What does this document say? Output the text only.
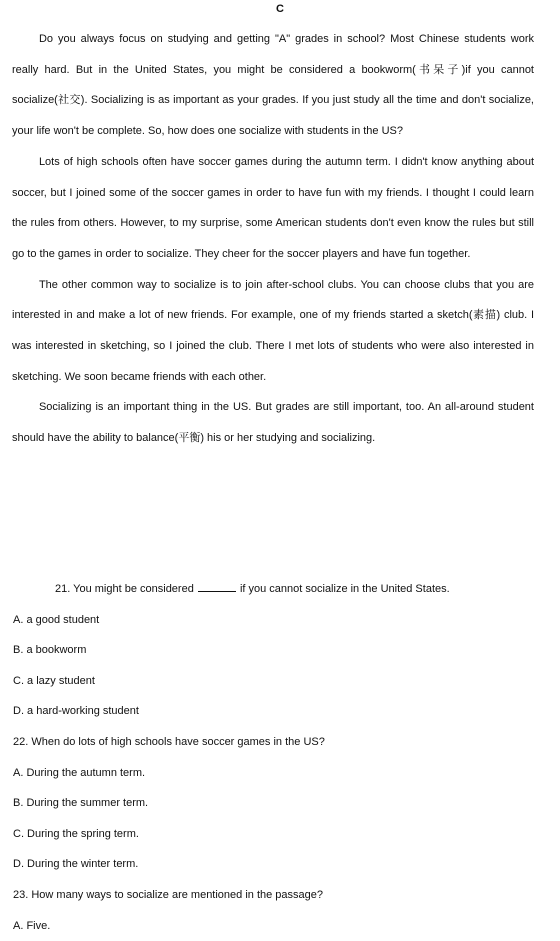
C

Do you always focus on studying and getting "A" grades in school? Most Chinese students work really hard. But in the United States, you might be considered a bookworm(书呆子)if you cannot socialize(社交). Socializing is as important as your grades. If you just study all the time and don't socialize, your life won't be complete. So, how does one socialize with students in the US?

Lots of high schools often have soccer games during the autumn term. I didn't know anything about soccer, but I joined some of the soccer games in order to have fun with my friends. I thought I could learn the rules from others. However, to my surprise, some American students don't even know the rules but still go to the games in order to socialize. They cheer for the soccer players and have fun together.

The other common way to socialize is to join after-school clubs. You can choose clubs that you are interested in and make a lot of new friends. For example, one of my friends started a sketch(素描) club. I was interested in sketching, so I joined the club. There I met lots of students who were also interested in sketching. We soon became friends with each other.

Socializing is an important thing in the US. But grades are still important, too. An all-around student should have the ability to balance(平衡) his or her studying and socializing.

21. You might be considered	if you cannot socialize in the United States.
A. a good student
B. a bookworm
C. a lazy student
D. a hard-working student
22. When do lots of high schools have soccer games in the US?
A. During the autumn term.
B. During the summer term.
C. During the spring term.
D. During the winter term.
23. How many ways to socialize are mentioned in the passage?
A. Five.
